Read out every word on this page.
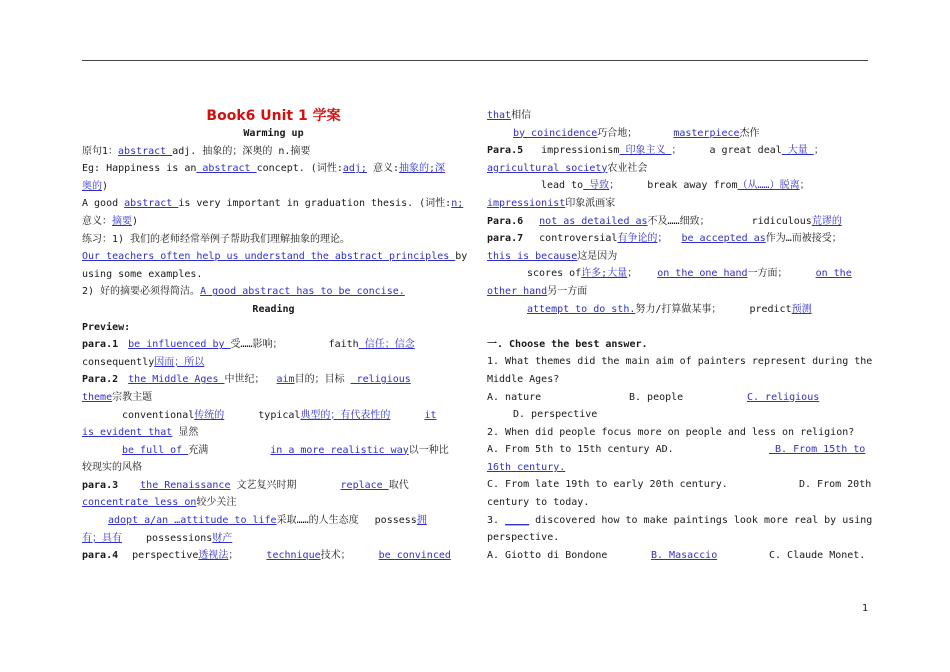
Book6 Unit 1 学案
Warming up
原句1：abstract adj. 抽象的；深奥的 n.摘要
Eg: Happiness is an abstract concept. (词性:adj; 意义:抽象的;深
奥的)
A good abstract is very important in graduation thesis. (词性:n;
意义：摘要)
练习：1) 我们的老师经常举例子帮助我们理解抽象的理论。
Our teachers often help us understand the abstract principles by
using some examples.
2) 好的摘要必须得简洁。A good abstract has to be concise.
Reading
Preview:
para.1 be influenced by 受……影响；	faith 信任；信念
consequently因而；所以
Para.2 the Middle Ages 中世纪； aim目的；目标 religious
theme宗教主题
conventional传统的	typical典型的；有代表性的	it
is evident that 显然
be full of 充满	in a more realistic way以一种比
较现实的风格
para.3 the Renaissance 文艺复兴时期	replace 取代
concentrate less on较少关注
adopt a/an …attitude to life采取……的人生态度 possess拥
有；具有 possessions财产
para.4 perspective透视法；	technique技术；	be convinced
that相信
by coincidence巧合地；	masterpiece杰作
Para.5 impressionism 印象主义 ；	a great deal 大量 ；
agricultural society农业社会
lead to 导致；	break away from（从……）脱离；
impressionist印象派画家
Para.6 not as detailed as不及……细致；	ridiculous荒谬的
para.7 controversial有争论的； be accepted as作为…而被接受；
this is because这是因为
scores of许多;大量； on the one hand一方面；	on the
other hand另一方面
attempt to do sth.努力/打算做某事；	predict预测
一. Choose the best answer.
1. What themes did the main aim of painters represent during the
Middle Ages?
A. nature	B. people	C. religious
D. perspective
2. When did people focus more on people and less on religion?
A. From 5th to 15th century AD.	B. From 15th to
16th century.
C. From late 19th to early 20th century.	D. From 20th
century to today.
3. ____ discovered how to make paintings look more real by using
perspective.
A. Giotto di Bondone	B. Masaccio	C. Claude Monet.
1
